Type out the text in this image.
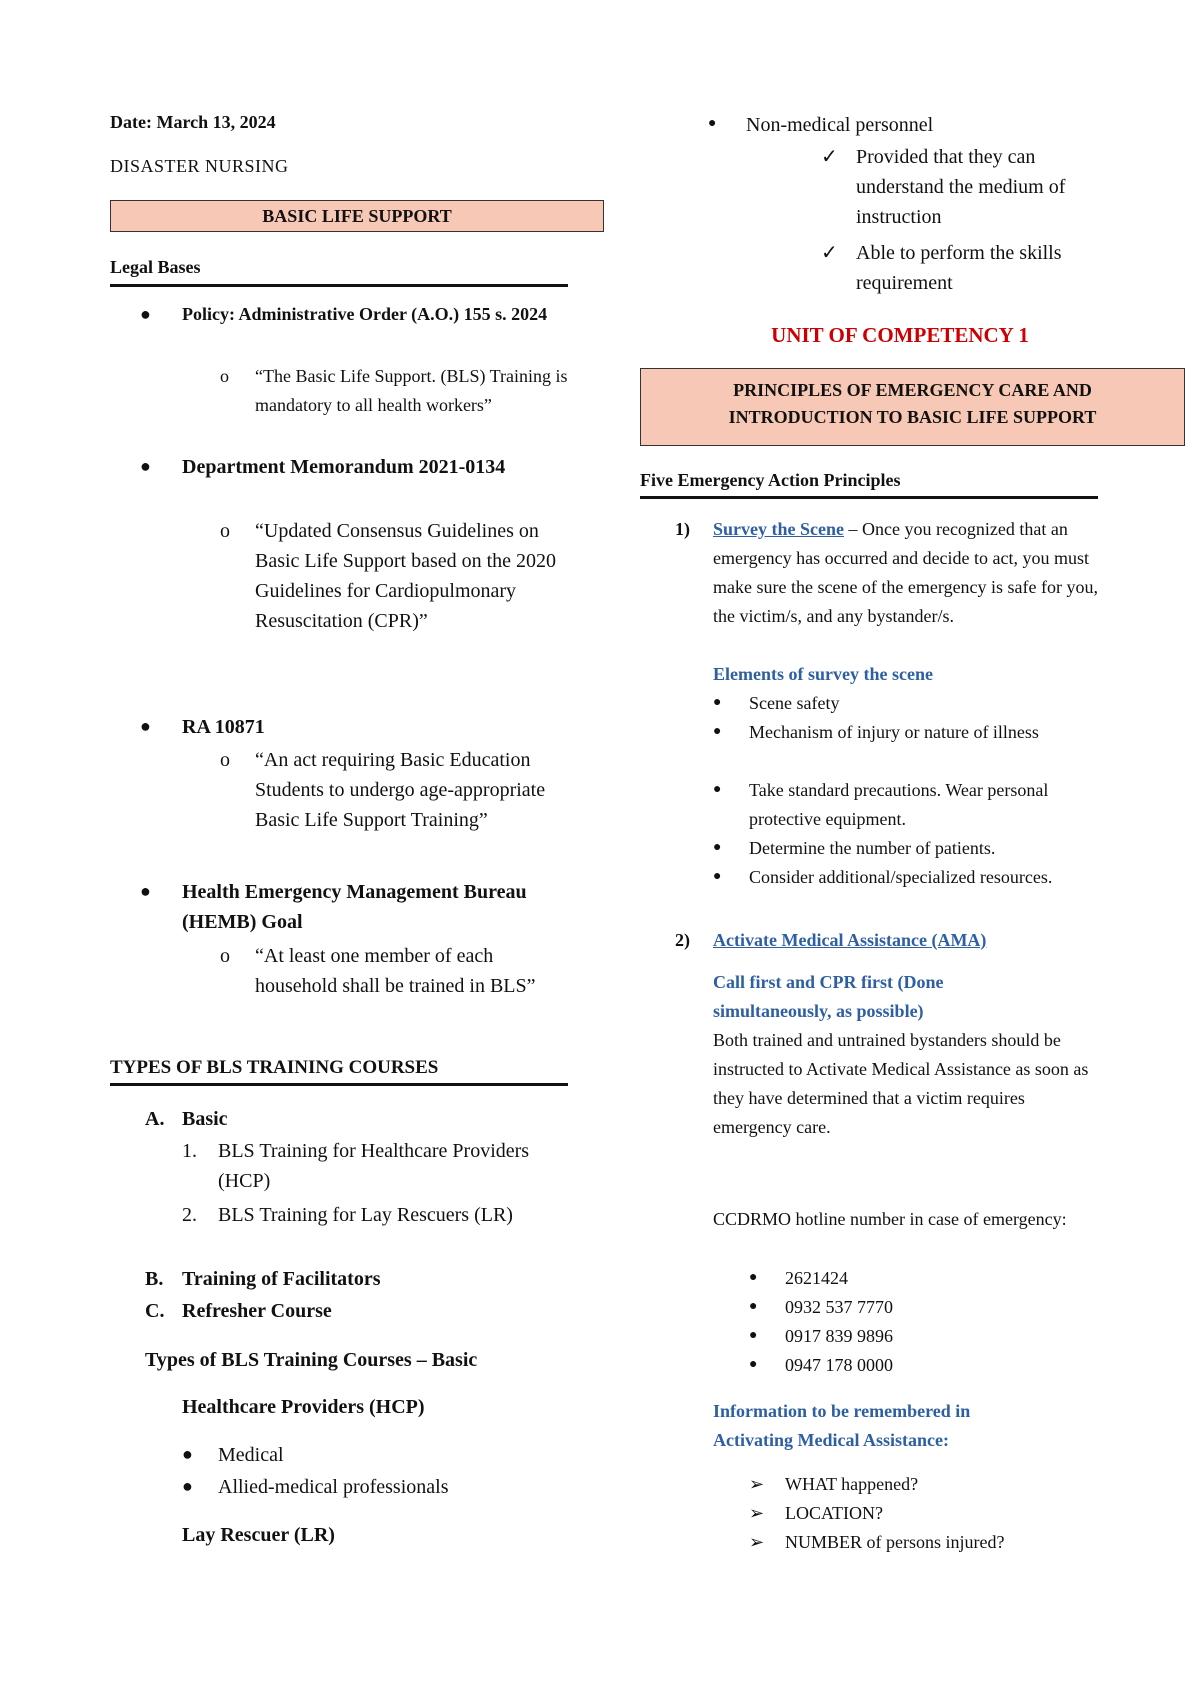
Date: March 13, 2024
DISASTER NURSING
BASIC LIFE SUPPORT
Legal Bases
● Policy: Administrative Order (A.O.) 155 s. 2024
o “The Basic Life Support. (BLS) Training is mandatory to all health workers”
● Department Memorandum 2021-0134
o “Updated Consensus Guidelines on Basic Life Support based on the 2020 Guidelines for Cardiopulmonary Resuscitation (CPR)”
● RA 10871
o “An act requiring Basic Education Students to undergo age-appropriate Basic Life Support Training”
● Health Emergency Management Bureau (HEMB) Goal
o “At least one member of each household shall be trained in BLS”
TYPES OF BLS TRAINING COURSES
A. Basic
1. BLS Training for Healthcare Providers (HCP)
2. BLS Training for Lay Rescuers (LR)
B. Training of Facilitators
C. Refresher Course
Types of BLS Training Courses – Basic
Healthcare Providers (HCP)
● Medical
● Allied-medical professionals
Lay Rescuer (LR)
● Non-medical personnel
✓ Provided that they can understand the medium of instruction
✓ Able to perform the skills requirement
UNIT OF COMPETENCY 1
PRINCIPLES OF EMERGENCY CARE AND INTRODUCTION TO BASIC LIFE SUPPORT
Five Emergency Action Principles
1) Survey the Scene – Once you recognized that an emergency has occurred and decide to act, you must make sure the scene of the emergency is safe for you, the victim/s, and any bystander/s.
Elements of survey the scene
● Scene safety
● Mechanism of injury or nature of illness
● Take standard precautions. Wear personal protective equipment.
● Determine the number of patients.
● Consider additional/specialized resources.
2) Activate Medical Assistance (AMA)
Call first and CPR first (Done simultaneously, as possible)
Both trained and untrained bystanders should be instructed to Activate Medical Assistance as soon as they have determined that a victim requires emergency care.
CCDRMO hotline number in case of emergency:
● 2621424
● 0932 537 7770
● 0917 839 9896
● 0947 178 0000
Information to be remembered in Activating Medical Assistance:
➢ WHAT happened?
➢ LOCATION?
➢ NUMBER of persons injured?
